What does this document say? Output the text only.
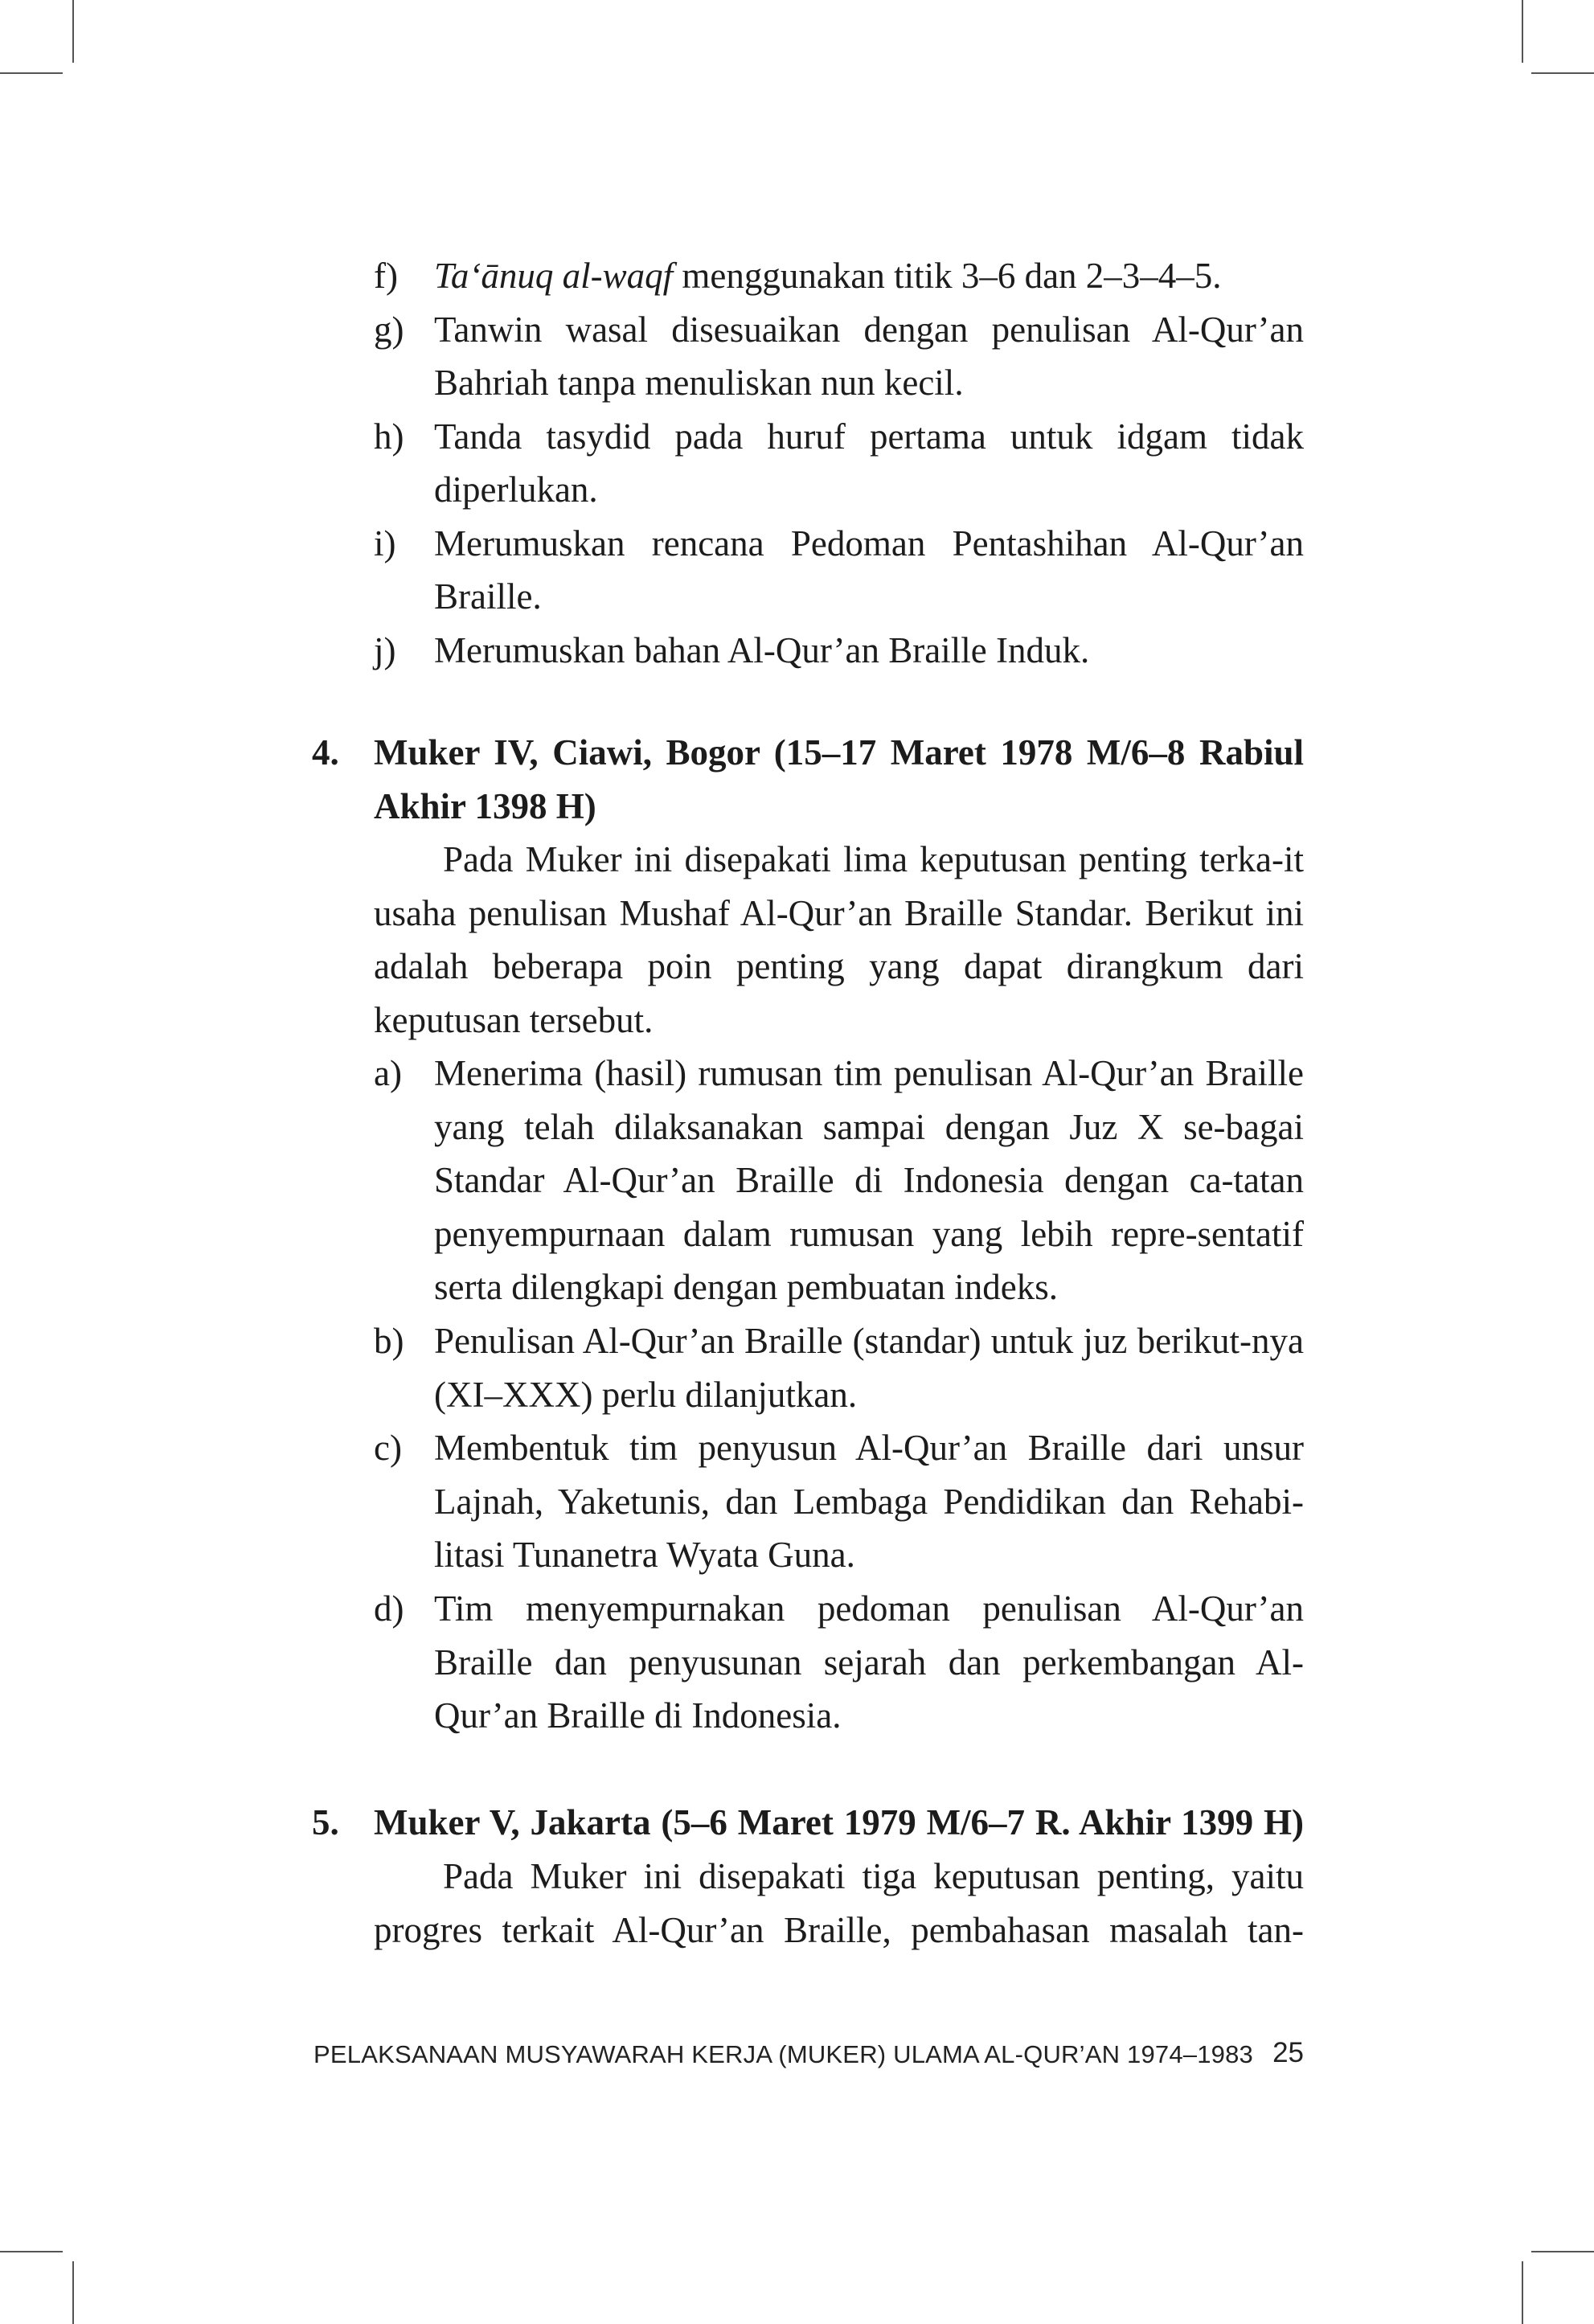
f)	Ta‘ānuq al-waqf menggunakan titik 3–6 dan 2–3–4–5.
g) Tanwin wasal disesuaikan dengan penulisan Al-Qur’an
Bahriah tanpa menuliskan nun kecil.
h) Tanda tasydid pada huruf pertama untuk idgam tidak
diperlukan.
i)	Merumuskan rencana Pedoman Pentashihan Al-Qur’an
Braille.
j)	Merumuskan bahan Al-Qur’an Braille Induk.
4. Muker IV, Ciawi, Bogor (15–17 Maret 1978 M/6–8 Rabiul
Akhir 1398 H)
Pada Muker ini disepakati lima keputusan penting terka-it usaha penulisan Mushaf Al-Qur’an Braille Standar. Berikut ini adalah beberapa poin penting yang dapat dirangkum dari keputusan tersebut.
a) Menerima (hasil) rumusan tim penulisan Al-Qur’an Braille yang telah dilaksanakan sampai dengan Juz X se-bagai Standar Al-Qur’an Braille di Indonesia dengan ca-tatan penyempurnaan dalam rumusan yang lebih repre-sentatif serta dilengkapi dengan pembuatan indeks.
b) Penulisan Al-Qur’an Braille (standar) untuk juz berikut-nya (XI–XXX) perlu dilanjutkan.
c) Membentuk tim penyusun Al-Qur’an Braille dari unsur Lajnah, Yaketunis, dan Lembaga Pendidikan dan Rehabi-litasi Tunanetra Wyata Guna.
d) Tim menyempurnakan pedoman penulisan Al-Qur’an Braille dan penyusunan sejarah dan perkembangan Al-Qur’an Braille di Indonesia.
5. Muker V, Jakarta (5–6 Maret 1979 M/6–7 R. Akhir 1399 H)
Pada Muker ini disepakati tiga keputusan penting, yaitu progres terkait Al-Qur’an Braille, pembahasan masalah tan-
PELAKSANAAN MUSYAWARAH KERJA (MUKER) ULAMA AL-QUR’AN 1974–1983 25
